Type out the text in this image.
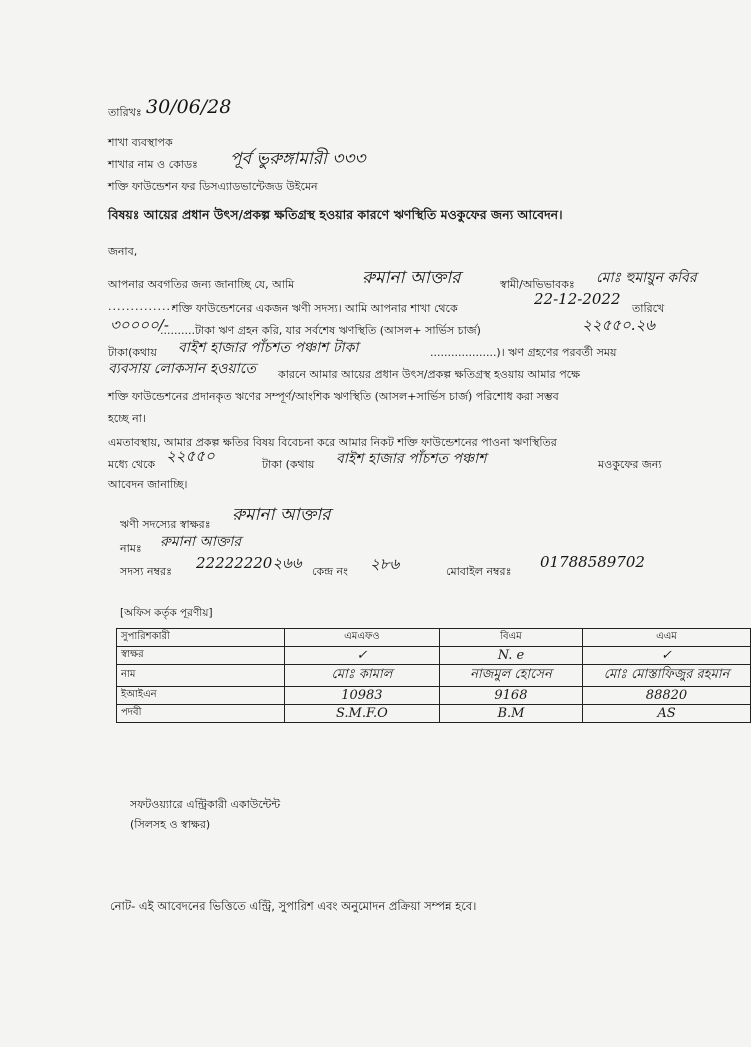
তারিখঃ 30/06/28
শাখা ব্যবস্থাপক
শাখার নাম ও কোডঃ পূর্ব ভুরুঙ্গামারী ৩৩৩
শক্তি ফাউন্ডেশন ফর ডিসএ্যাডভান্টেজড উইমেন
বিষয়ঃ আয়ের প্রধান উৎস/প্রকল্প ক্ষতিগ্রস্থ হওয়ার কারণে ঋণস্থিতি মওকুফের জন্য আবেদন।
জনাব,
আপনার অবগতির জন্য জানাচ্ছি যে, আমি	রুমানা আক্তার	স্বামী/অভিভাবকঃ মোঃ হুমায়ুন কবির
...............
শক্তি ফাউন্ডেশনের একজন ঋণী সদস্য। আমি আপনার শাখা থেকে
22-12-2022
তারিখে
৩০০০০/-
..........টাকা ঋণ গ্রহন করি, যার সর্বশেষ ঋণস্থিতি (আসল+ সার্ভিস চার্জ)	২২৫৫০.২৬
টাকা(কথায় বাইশ হাজার পাঁচশত পঞ্চাশ টাকা	...................)। ঋণ গ্রহণের পরবর্তী সময়
ব্যবসায় লোকসান হওয়াতে কারনে আমার আয়ের প্রধান উৎস/প্রকল্প ক্ষতিগ্রস্থ হওয়ায় আমার পক্ষে
শক্তি ফাউন্ডেশনের প্রদানকৃত ঋণের সম্পূর্ণ/আংশিক ঋণস্থিতি (আসল+সার্ভিস চার্জ) পরিশোধ করা সম্ভব
হচ্ছে না।
এমতাবস্থায়, আমার প্রকল্প ক্ষতির বিষয় বিবেচনা করে আমার নিকট শক্তি ফাউন্ডেশনের পাওনা ঋণস্থিতির
মধ্যে থেকে ২২৫৫০	টাকা (কথায় বাইশ হাজার পাঁচশত পঞ্চাশ	মওকুফের জন্য
আবেদন জানাচ্ছি।
ঋণী সদস্যের স্বাক্ষরঃ রুমানা আক্তার
নামঃ রুমানা আক্তার
সদস্য নম্বরঃ 22222220২৬৬ কেন্দ্র নং ২৮৬	মোবাইল নম্বরঃ
01788589702
[অফিস কর্তৃক পূরণীয়]
সুপারিশকারী	এমএফও	বিএম	এএম
স্বাক্ষর	✓	N. e	✓
নাম	মোঃ কামাল	নাজমুল হোসেন	মোঃ মোস্তাফিজুর রহমান
ইআইএন	10983	9168	88820
পদবী	S.M.F.O	B.M	AS
সফটওয়্যারে এন্ট্রিকারী একাউন্টেন্ট
(সিলসহ ও স্বাক্ষর)
নোট- এই আবেদনের ভিত্তিতে এন্ট্রি, সুপারিশ এবং অনুমোদন প্রক্রিয়া সম্পন্ন হবে।
